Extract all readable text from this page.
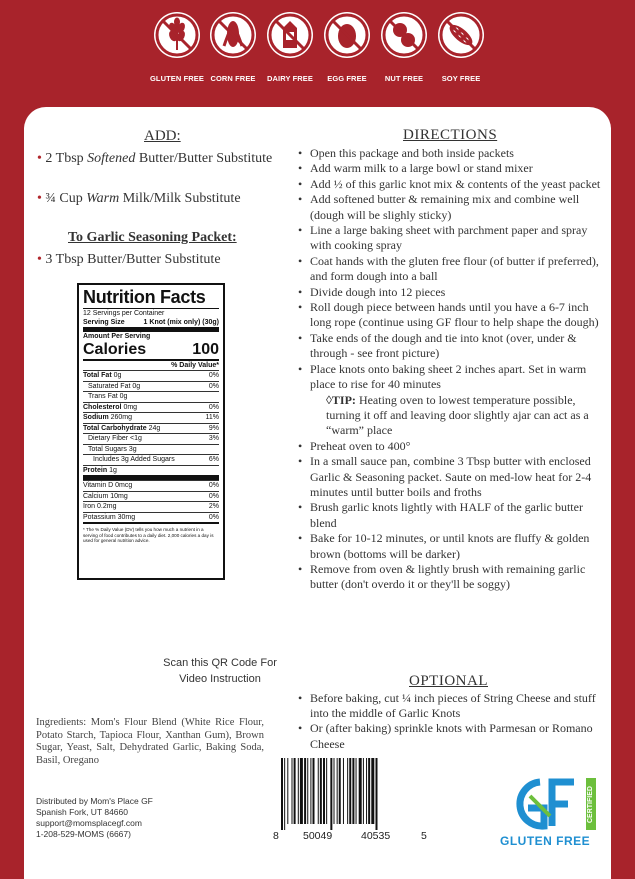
GLUTEN FREE CORN FREE	DAIRY FREE	EGG FREE	NUT FREE	SOY FREE
ADD:
• 2 Tbsp Softened Butter/Butter Substitute
• ¾ Cup Warm Milk/Milk Substitute
To Garlic Seasoning Packet:
• 3 Tbsp Butter/Butter Substitute
Nutrition Facts
12 Servings per Container
Serving Size	1 Knot (mix only) (30g)
Amount Per Serving
Calories	100
% Daily Value*
Total Fat 0g	0%
Saturated Fat 0g	0%
Trans Fat 0g
Cholesterol 0mg	0%
Sodium 260mg	11%
Total Carbohydrate 24g	9%
Dietary Fiber <1g	3%
Total Sugars 3g
Includes 3g Added Sugars	6%
Protein 1g
Vitamin D 0mcg	0%
Calcium 10mg	0%
Iron 0.2mg	2%
Potassium 30mg	0%
* The % Daily Value (DV) tells you how much a nutrient in a serving of food contributes to a daily diet. 2,000 calories a day is used for general nutrition advice.
Scan this QR Code For Video Instruction
Ingredients: Mom's Flour Blend (White Rice Flour, Potato Starch, Tapioca Flour, Xanthan Gum), Brown Sugar, Yeast, Salt, Dehydrated Garlic, Baking Soda, Basil, Oregano
Distributed by Mom's Place GF
Spanish Fork, UT 84660
support@momsplacegf.com
1-208-529-MOMS (6667)
DIRECTIONS
• Open this package and both inside packets
• Add warm milk to a large bowl or stand mixer
• Add ½ of this garlic knot mix & contents of the yeast packet
• Add softened butter & remaining mix and combine well (dough will be slighly sticky)
• Line a large baking sheet with parchment paper and spray with cooking spray
• Coat hands with the gluten free flour (of butter if preferred), and form dough into a ball
• Divide dough into 12 pieces
• Roll dough piece between hands until you have a 6-7 inch long rope (continue using GF flour to help shape the dough)
• Take ends of the dough and tie into knot (over, under & through - see front picture)
• Place knots onto baking sheet 2 inches apart. Set in warm place to rise for 40 minutes
◊TIP: Heating oven to lowest temperature possible, turning it off and leaving door slightly ajar can act as a “warm” place
• Preheat oven to 400°
• In a small sauce pan, combine 3 Tbsp butter with enclosed Garlic & Seasoning packet. Saute on med-low heat for 2-4 minutes until butter boils and froths
• Brush garlic knots lightly with HALF of the garlic butter blend
• Bake for 10-12 minutes, or until knots are fluffy & golden brown (bottoms will be darker)
• Remove from oven & lightly brush with remaining garlic butter (don't overdo it or they'll be soggy)
OPTIONAL
• Before baking, cut ¼ inch pieces of String Cheese and stuff into the middle of Garlic Knots
• Or (after baking) sprinkle knots with Parmesan or Romano Cheese
8 50049	40535	5
CERTIFIED
GLUTEN FREE
